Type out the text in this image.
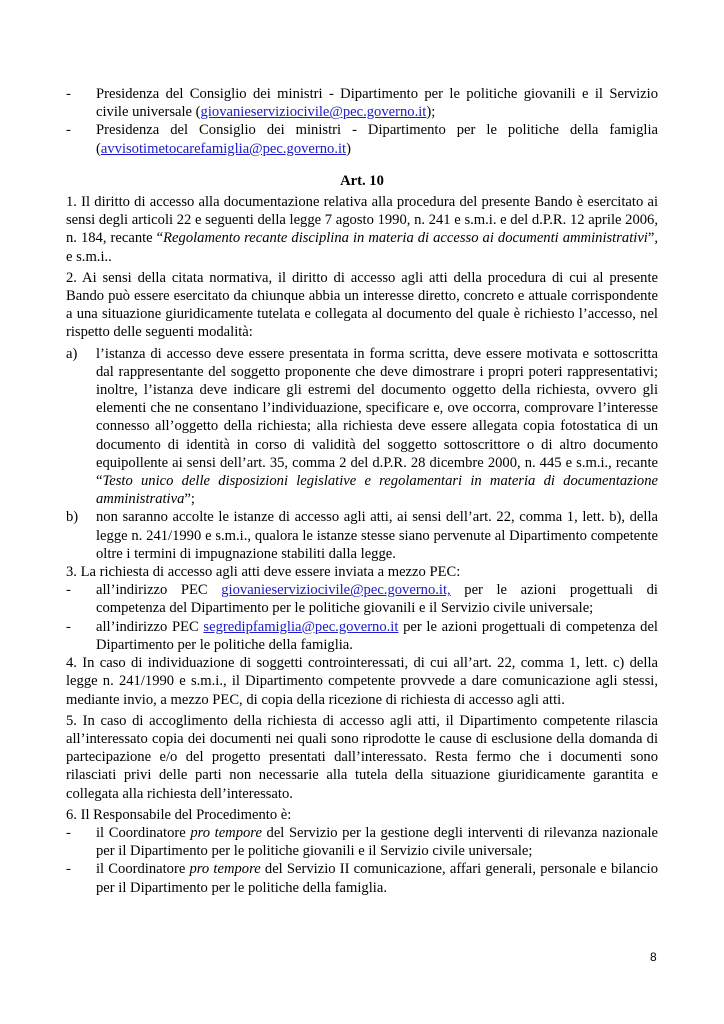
-	Presidenza del Consiglio dei ministri - Dipartimento per le politiche giovanili e il Servizio civile universale (giovanieserviziocivile@pec.governo.it);
-	Presidenza del Consiglio dei ministri - Dipartimento per le politiche della famiglia (avvisotimetocarefamiglia@pec.governo.it)
Art. 10

1. Il diritto di accesso alla documentazione relativa alla procedura del presente Bando è esercitato ai sensi degli articoli 22 e seguenti della legge 7 agosto 1990, n. 241 e s.m.i. e del d.P.R. 12 aprile 2006, n. 184, recante “Regolamento recante disciplina in materia di accesso ai documenti amministrativi”, e s.m.i..

2. Ai sensi della citata normativa, il diritto di accesso agli atti della procedura di cui al presente Bando può essere esercitato da chiunque abbia un interesse diretto, concreto e attuale corrispondente a una situazione giuridicamente tutelata e collegata al documento del quale è richiesto l’accesso, nel rispetto delle seguenti modalità:

a)	l’istanza di accesso deve essere presentata in forma scritta, deve essere motivata e sottoscritta dal rappresentante del soggetto proponente che deve dimostrare i propri poteri rappresentativi; inoltre, l’istanza deve indicare gli estremi del documento oggetto della richiesta, ovvero gli elementi che ne consentano l’individuazione, specificare e, ove occorra, comprovare l’interesse connesso all’oggetto della richiesta; alla richiesta deve essere allegata copia fotostatica di un documento di identità in corso di validità del soggetto sottoscrittore o di altro documento equipollente ai sensi dell’art. 35, comma 2 del d.P.R. 28 dicembre 2000, n. 445 e s.m.i., recante “Testo unico delle disposizioni legislative e regolamentari in materia di documentazione amministrativa”;
b)	non saranno accolte le istanze di accesso agli atti, ai sensi dell’art. 22, comma 1, lett. b), della legge n. 241/1990 e s.m.i., qualora le istanze stesse siano pervenute al Dipartimento competente oltre i termini di impugnazione stabiliti dalla legge.

3. La richiesta di accesso agli atti deve essere inviata a mezzo PEC:

-	all’indirizzo PEC giovanieserviziocivile@pec.governo.it, per le azioni progettuali di competenza del Dipartimento per le politiche giovanili e il Servizio civile universale;
-	all’indirizzo PEC segredipfamiglia@pec.governo.it per le azioni progettuali di competenza del Dipartimento per le politiche della famiglia.

4. In caso di individuazione di soggetti controinteressati, di cui all’art. 22, comma 1, lett. c) della legge n. 241/1990 e s.m.i., il Dipartimento competente provvede a dare comunicazione agli stessi, mediante invio, a mezzo PEC, di copia della ricezione di richiesta di accesso agli atti.

5. In caso di accoglimento della richiesta di accesso agli atti, il Dipartimento competente rilascia all’interessato copia dei documenti nei quali sono riprodotte le cause di esclusione della domanda di partecipazione e/o del progetto presentati dall’interessato. Resta fermo che i documenti sono rilasciati privi delle parti non necessarie alla tutela della situazione giuridicamente garantita e collegata alla richiesta dell’interessato.

6. Il Responsabile del Procedimento è:

-	il Coordinatore pro tempore del Servizio per la gestione degli interventi di rilevanza nazionale per il Dipartimento per le politiche giovanili e il Servizio civile universale;
-	il Coordinatore pro tempore del Servizio II comunicazione, affari generali, personale e bilancio per il Dipartimento per le politiche della famiglia.
8
